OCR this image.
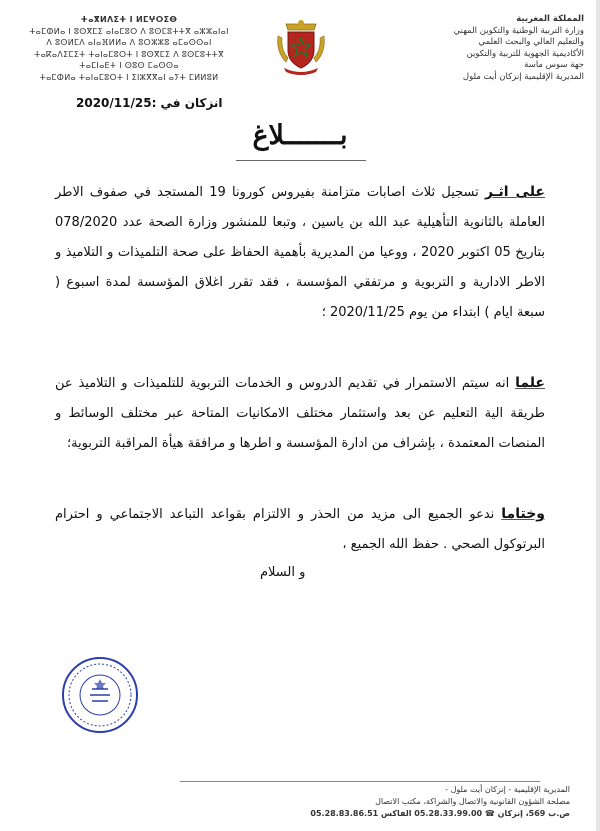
المملكة المغربية
وزارة التربية الوطنية والتكوين المهني
والتعليم العالي والبحث العلمي
الأكاديمية الجهوية للتربية والتكوين
جهة سوس ماسة
المديرية الإقليمية إنزكان أيت ملول
ⵜⴰⴳⵍⴷⵉⵜ ⵏ ⵍⵎⵖⵔⵉⴱ
ⵜⴰⵎⵀⵍⴰ ⵏ ⵓⵙⴳⵎⵉ ⴰⵏⴰⵎⵓⵔ ⴷ ⵓⵙⵎⵓⵜⵜⴳ ⴰⵣⵣⴰⵏⴰⵏ
ⴷ ⵓⵙⵍⵎⴷ ⴰⵏⴰⴼⵍⵍⴰ ⴷ ⵓⵔⵣⵣⵓ ⴰⵎⴰⵙⵙⴰⵏ
ⵜⴰⴽⴰⴷⵉⵎⵉⵜ ⵜⴰⵏⴰⵎⵓⵔⵜ ⵏ ⵓⵙⴳⵎⵉ ⴷ ⵓⵙⵎⵓⵜⵜⴳ
ⵜⴰⵎⵏⴰⴹⵜ ⵏ ⵙⵓⵙ ⵎⴰⵙⵙⴰ
ⵜⴰⵎⵀⵍⴰ ⵜⴰⵏⴰⵎⵓⵔⵜ ⵏ ⵉⵏⵣⴳⴳⴰⵏ ⴰⵢⵜ ⵎⵍⵍⵓⵍ
انزكان في :2020/11/25
بـــــــلاغ
على اثـر تسجيل ثلاث اصابات متزامنة بفيروس كورونا 19 المستجد في صفوف الاطر العاملة بالثانوية التأهيلية عبد الله بن ياسين ، وتبعا للمنشور وزارة الصحة عدد 078/2020 بتاريخ 05 اكتوبر 2020 ، ووعيا من المديرية بأهمية الحفاظ على صحة التلميذات و التلاميذ و الاطر الادارية و التربوية و مرتفقي المؤسسة ، فقد تقرر اغلاق المؤسسة لمدة اسبوع ( سبعة ايام ) ابتداء من يوم 2020/11/25 ؛
علما انه سيتم الاستمرار في تقديم الدروس و الخدمات التربوية للتلميذات و التلاميذ عن طريقة الية التعليم عن بعد واستثمار مختلف الامكانيات المتاحة عبر مختلف الوسائط و المنصات المعتمدة ، بإشراف من ادارة المؤسسة و اطرها و مرافقة هيأة المراقبة التربوية؛
وختاما ندعو الجميع الى مزيد من الحذر و الالتزام بقواعد التباعد الاجتماعي و احترام البرتوكول الصحي . حفظ الله الجميع ،
و السلام
المديرية الإقليمية - إنزكان أيت ملول -
مصلحة الشؤون القانونية والاتصال والشراكة، مكتب الاتصال
ص.ب 569، إنزكان ☎ 05.28.33.99.00 الفاكس 05.28.83.86.51
